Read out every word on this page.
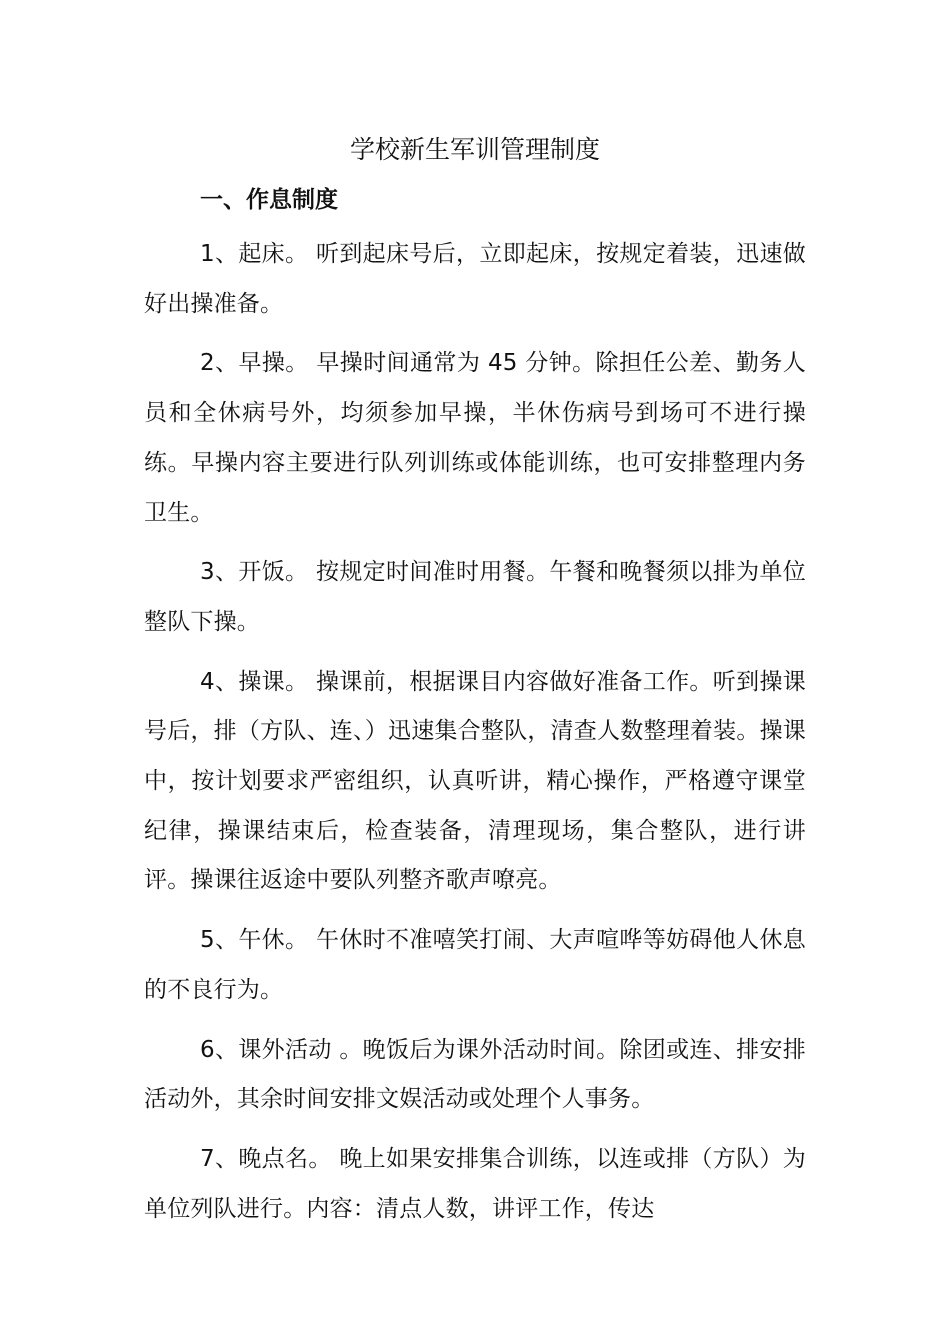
学校新生军训管理制度

一、作息制度

1、起床。 听到起床号后，立即起床，按规定着装，迅速做好出操准备。

2、早操。 早操时间通常为 45 分钟。除担任公差、勤务人员和全休病号外，均须参加早操，半休伤病号到场可不进行操练。早操内容主要进行队列训练或体能训练，也可安排整理内务卫生。

3、开饭。 按规定时间准时用餐。午餐和晚餐须以排为单位整队下操。

4、操课。 操课前，根据课目内容做好准备工作。听到操课号后，排（方队、连、）迅速集合整队，清查人数整理着装。操课中，按计划要求严密组织，认真听讲，精心操作，严格遵守课堂纪律，操课结束后，检查装备，清理现场，集合整队，进行讲评。操课往返途中要队列整齐歌声嘹亮。

5、午休。 午休时不准嘻笑打闹、大声喧哗等妨碍他人休息的不良行为。

6、课外活动 。晚饭后为课外活动时间。除团或连、排安排活动外，其余时间安排文娱活动或处理个人事务。

7、晚点名。 晚上如果安排集合训练，以连或排（方队）为单位列队进行。内容：清点人数，讲评工作，传达
